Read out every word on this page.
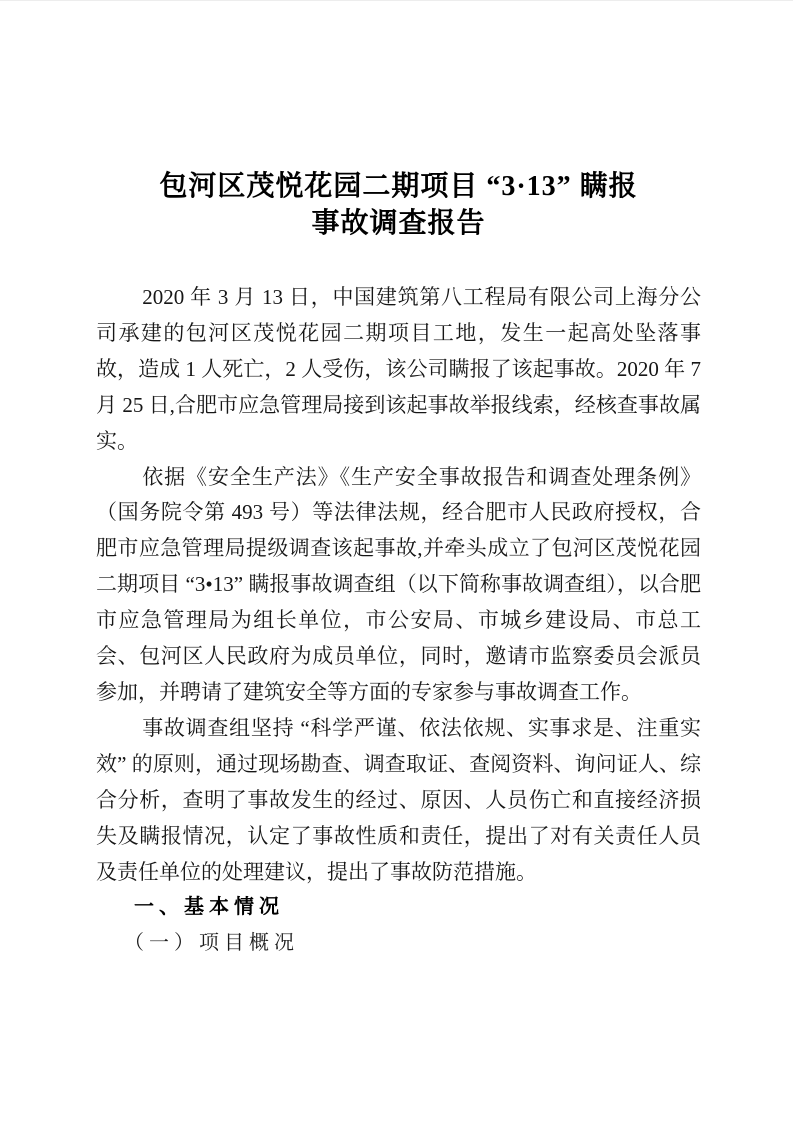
包河区茂悦花园二期项目 “3·13” 瞒报
事故调查报告

2020 年 3 月 13 日，中国建筑第八工程局有限公司上海分公司承建的包河区茂悦花园二期项目工地，发生一起高处坠落事故，造成 1 人死亡，2 人受伤，该公司瞒报了该起事故。2020 年 7 月 25 日,合肥市应急管理局接到该起事故举报线索，经核查事故属实。

依据《安全生产法》《生产安全事故报告和调查处理条例》（国务院令第 493 号）等法律法规，经合肥市人民政府授权，合肥市应急管理局提级调查该起事故,并牵头成立了包河区茂悦花园二期项目 “3•13” 瞒报事故调查组（以下简称事故调查组），以合肥市应急管理局为组长单位，市公安局、市城乡建设局、市总工会、包河区人民政府为成员单位，同时，邀请市监察委员会派员参加，并聘请了建筑安全等方面的专家参与事故调查工作。

事故调查组坚持 “科学严谨、依法依规、实事求是、注重实效” 的原则，通过现场勘查、调查取证、查阅资料、询问证人、综合分析，查明了事故发生的经过、原因、人员伤亡和直接经济损失及瞒报情况，认定了事故性质和责任，提出了对有关责任人员及责任单位的处理建议，提出了事故防范措施。

一、基本情况
（一）项目概况
